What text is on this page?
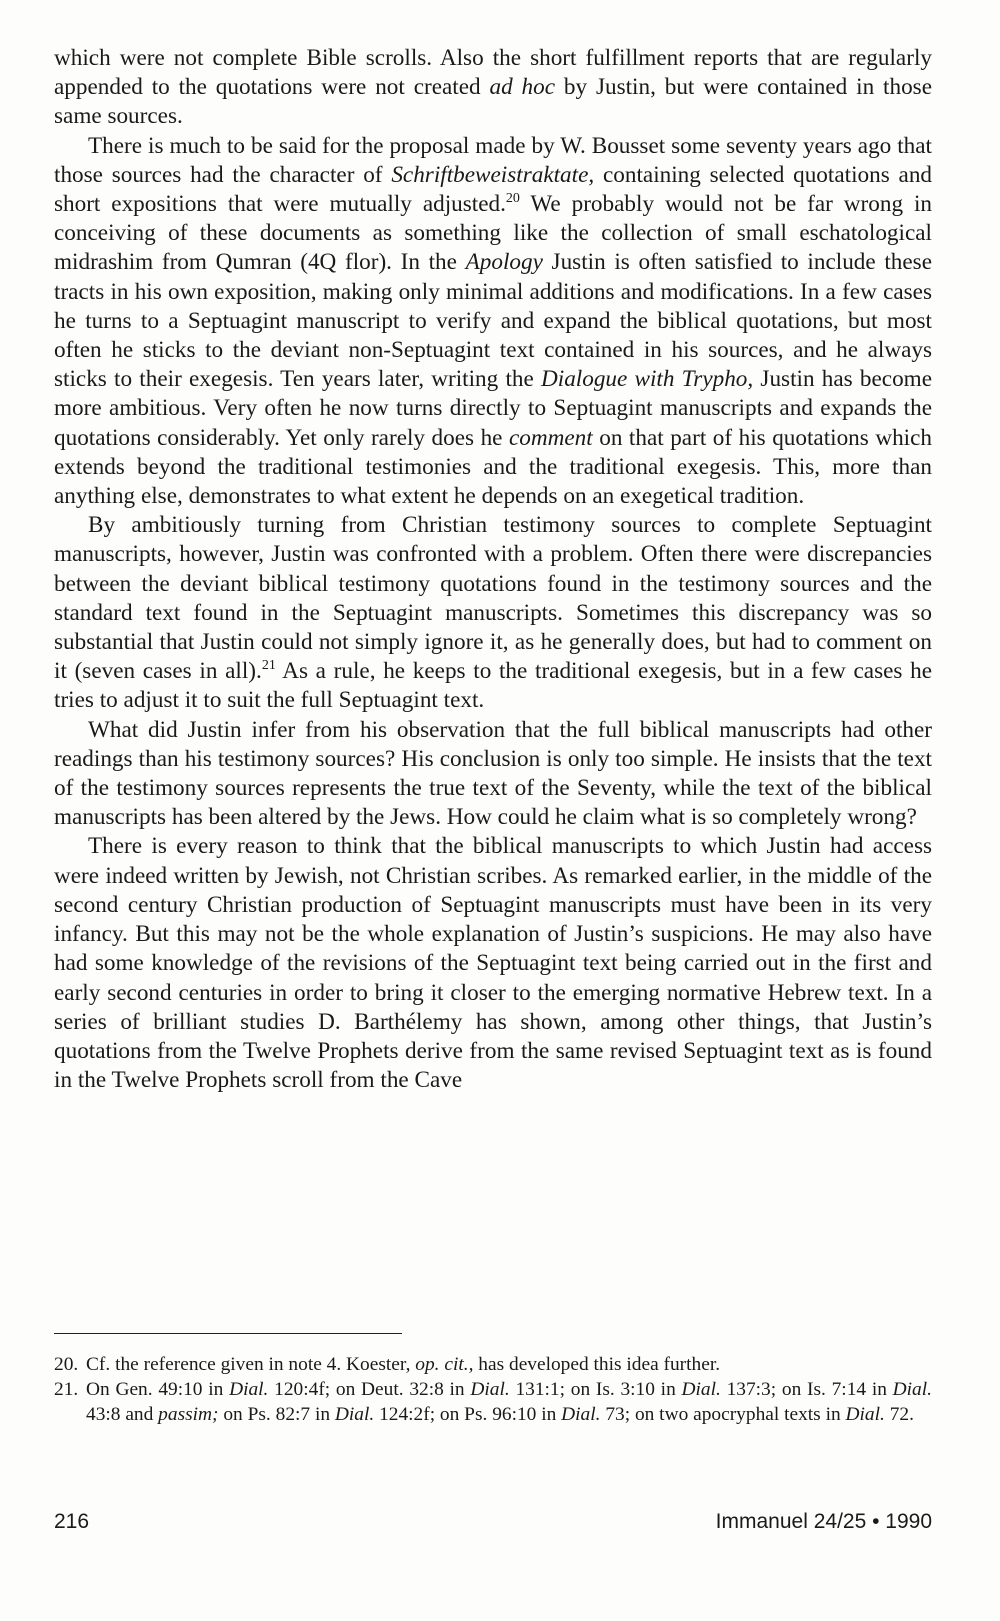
which were not complete Bible scrolls. Also the short fulfillment reports that are regularly appended to the quotations were not created ad hoc by Justin, but were contained in those same sources.

There is much to be said for the proposal made by W. Bousset some seventy years ago that those sources had the character of Schriftbeweistraktate, containing selected quotations and short expositions that were mutually adjusted.$^{20}$ We probably would not be far wrong in conceiving of these documents as something like the collection of small eschatological midrashim from Qumran (4Q flor). In the Apology Justin is often satisfied to include these tracts in his own exposition, making only minimal additions and modifications. In a few cases he turns to a Septuagint manuscript to verify and expand the biblical quotations, but most often he sticks to the deviant non-Septuagint text contained in his sources, and he always sticks to their exegesis. Ten years later, writing the Dialogue with Trypho, Justin has become more ambitious. Very often he now turns directly to Septuagint manuscripts and expands the quotations considerably. Yet only rarely does he comment on that part of his quotations which extends beyond the traditional testimonies and the traditional exegesis. This, more than anything else, demonstrates to what extent he depends on an exegetical tradition.

By ambitiously turning from Christian testimony sources to complete Septuagint manuscripts, however, Justin was confronted with a problem. Often there were discrepancies between the deviant biblical testimony quotations found in the testimony sources and the standard text found in the Septuagint manuscripts. Sometimes this discrepancy was so substantial that Justin could not simply ignore it, as he generally does, but had to comment on it (seven cases in all).$^{21}$ As a rule, he keeps to the traditional exegesis, but in a few cases he tries to adjust it to suit the full Septuagint text.

What did Justin infer from his observation that the full biblical manuscripts had other readings than his testimony sources? His conclusion is only too simple. He insists that the text of the testimony sources represents the true text of the Seventy, while the text of the biblical manuscripts has been altered by the Jews. How could he claim what is so completely wrong?

There is every reason to think that the biblical manuscripts to which Justin had access were indeed written by Jewish, not Christian scribes. As remarked earlier, in the middle of the second century Christian production of Septuagint manuscripts must have been in its very infancy. But this may not be the whole explanation of Justin’s suspicions. He may also have had some knowledge of the revisions of the Septuagint text being carried out in the first and early second centuries in order to bring it closer to the emerging normative Hebrew text. In a series of brilliant studies D. Barthélemy has shown, among other things, that Justin’s quotations from the Twelve Prophets derive from the same revised Septuagint text as is found in the Twelve Prophets scroll from the Cave

20. Cf. the reference given in note 4. Koester, op. cit., has developed this idea further.
21. On Gen. 49:10 in Dial. 120:4f; on Deut. 32:8 in Dial. 131:1; on Is. 3:10 in Dial. 137:3; on Is. 7:14 in Dial. 43:8 and passim; on Ps. 82:7 in Dial. 124:2f; on Ps. 96:10 in Dial. 73; on two apocryphal texts in Dial. 72.
216	Immanuel 24/25 • 1990
